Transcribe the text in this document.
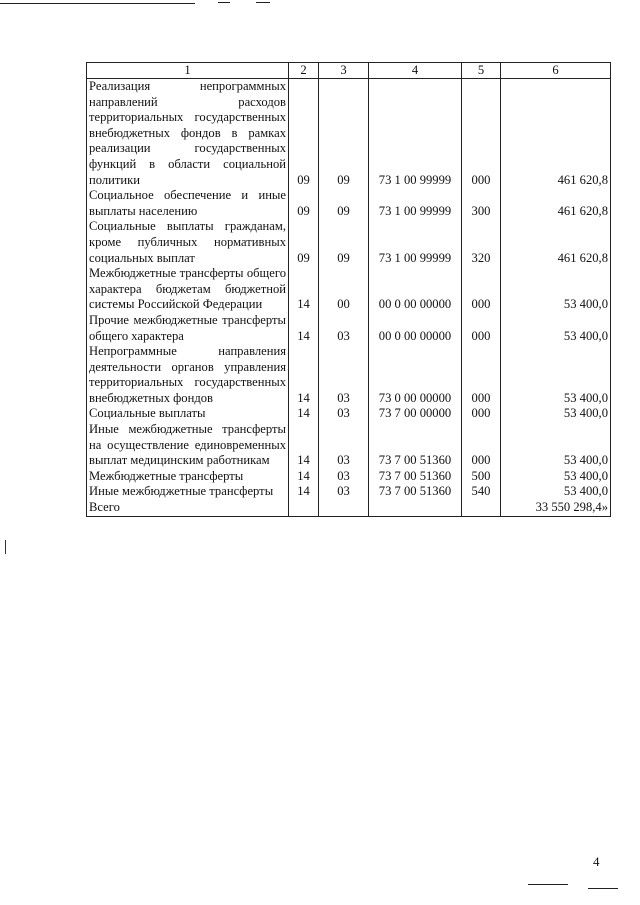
1	2	3	4	5	6
Реализация непрограммных направлений расходов территориальных государственных внебюджетных фондов в рамках реализации государственных функций в области социальной политики	09	09	73 1 00 99999	000	461 620,8
Социальное обеспечение и иные выплаты населению	09	09	73 1 00 99999	300	461 620,8
Социальные выплаты гражданам, кроме публичных нормативных социальных выплат	09	09	73 1 00 99999	320	461 620,8
Межбюджетные трансферты общего характера бюджетам бюджетной системы Российской Федерации	14	00	00 0 00 00000	000	53 400,0
Прочие межбюджетные трансферты общего характера	14	03	00 0 00 00000	000	53 400,0
Непрограммные направления деятельности органов управления территориальных государственных внебюджетных фондов	14	03	73 0 00 00000	000	53 400,0
Социальные выплаты	14	03	73 7 00 00000	000	53 400,0
Иные межбюджетные трансферты на осуществление единовременных выплат медицинским работникам	14	03	73 7 00 51360	000	53 400,0
Межбюджетные трансферты	14	03	73 7 00 51360	500	53 400,0
Иные межбюджетные трансферты	14	03	73 7 00 51360	540	53 400,0
Всего					33 550 298,4»
4
